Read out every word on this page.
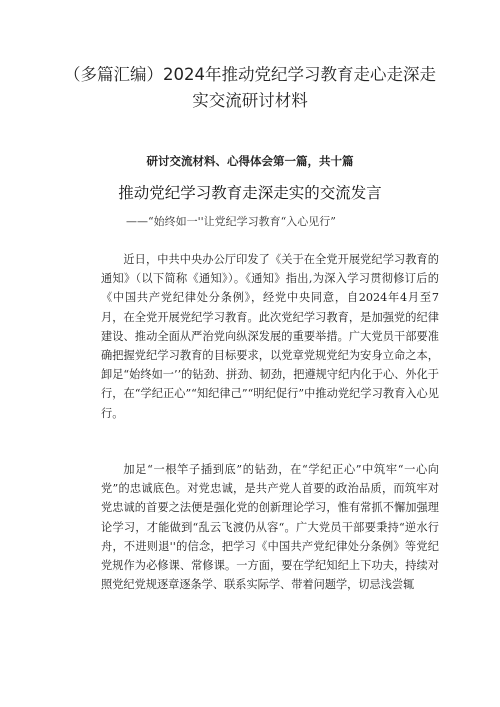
（多篇汇编）2024年推动党纪学习教育走心走深走
实交流研讨材料
研讨交流材料、心得体会第一篇，共十篇
推动党纪学习教育走深走实的交流发言
——“始终如一''让党纪学习教育“入心见行”

近日，中共中央办公厅印发了《关于在全党开展党纪学习教育的通知》（以下简称《通知》）。《通知》指出,为深入学习贯彻修订后的《中国共产党纪律处分条例》，经党中央同意，自2024年4月至7月，在全党开展党纪学习教育。此次党纪学习教育，是加强党的纪律建设、推动全面从严治党向纵深发展的重要举措。广大党员干部要准确把握党纪学习教育的目标要求，以党章党规党纪为安身立命之本，卸足“始终如一’’的钻劲、拼劲、韧劲，把遵规守纪内化于心、外化于行，在“学纪正心”“知纪律己”“明纪促行”中推动党纪学习教育入心见行。

加足“一根竿子插到底”的钻劲，在“学纪正心”中筑牢“一心向党”的忠诚底色。对党忠诚，是共产党人首要的政治品质，而筑牢对党忠诚的首要之法便是强化党的创新理论学习，惟有常抓不懈加强理论学习，才能做到“乱云飞渡仍从容“。广大党员干部要秉持“逆水行舟，不进则退''的信念，把学习《中国共产党纪律处分条例》等党纪党规作为必修课、常修课。一方面，要在学纪知纪上下功夫，持续对照党纪党规逐章逐条学、联系实际学、带着问题学，切忌浅尝辄
